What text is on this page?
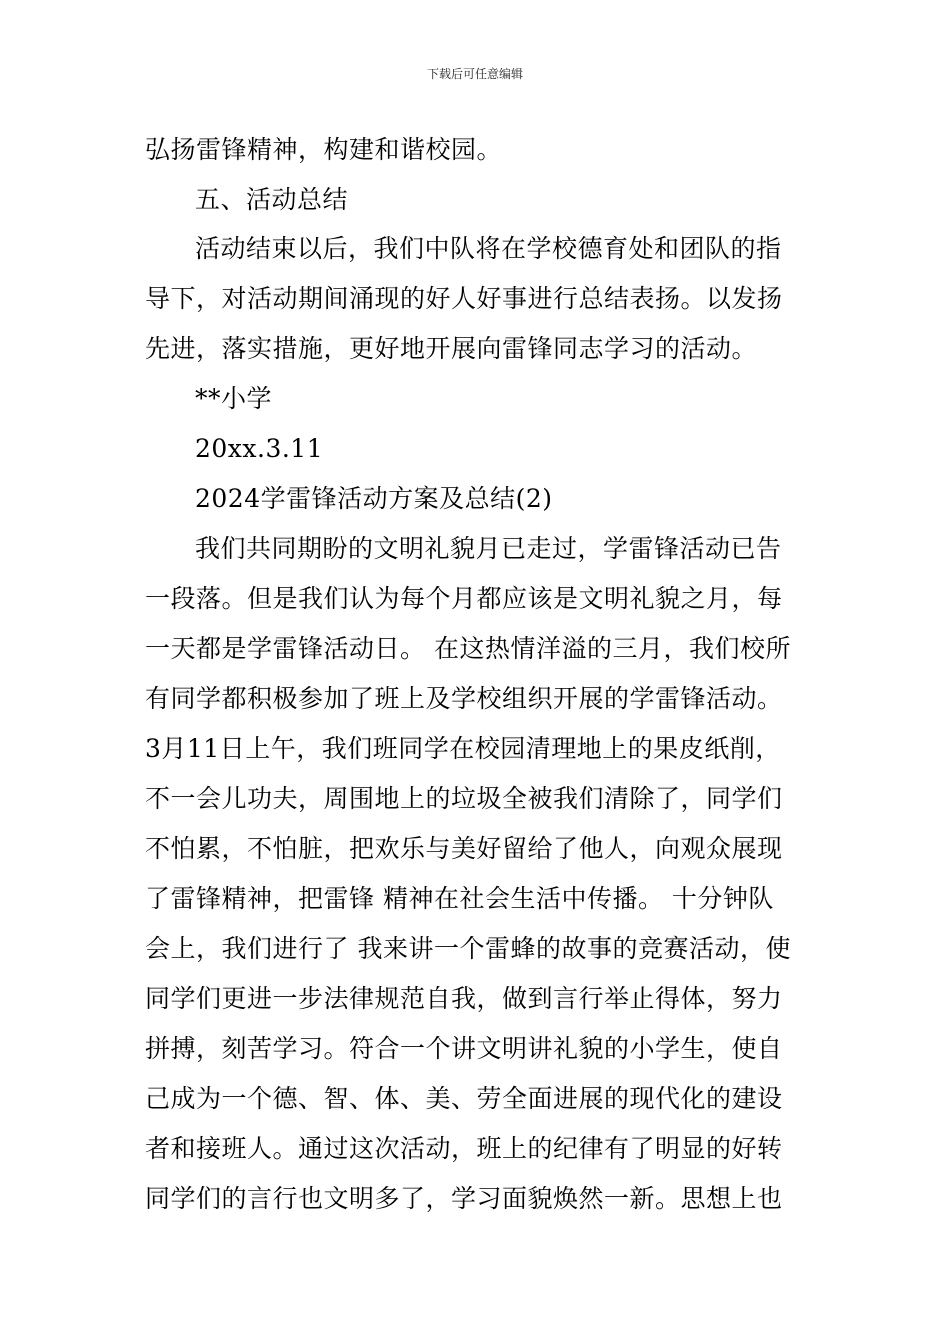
下载后可任意编辑
弘扬雷锋精神，构建和谐校园。
五、活动总结
活动结束以后，我们中队将在学校德育处和团队的指
导下，对活动期间涌现的好人好事进行总结表扬。以发扬
先进，落实措施，更好地开展向雷锋同志学习的活动。
**小学
20xx.3.11
2024学雷锋活动方案及总结(2)
我们共同期盼的文明礼貌月已走过，学雷锋活动已告
一段落。但是我们认为每个月都应该是文明礼貌之月，每
一天都是学雷锋活动日。 在这热情洋溢的三月，我们校所
有同学都积极参加了班上及学校组织开展的学雷锋活动。
3月11日上午，我们班同学在校园清理地上的果皮纸削，
不一会儿功夫，周围地上的垃圾全被我们清除了，同学们
不怕累，不怕脏，把欢乐与美好留给了他人，向观众展现
了雷锋精神，把雷锋 精神在社会生活中传播。 十分钟队
会上，我们进行了 我来讲一个雷蜂的故事的竞赛活动，使
同学们更进一步法律规范自我，做到言行举止得体，努力
拼搏，刻苦学习。符合一个讲文明讲礼貌的小学生，使自
己成为一个德、智、体、美、劳全面进展的现代化的建设
者和接班人。通过这次活动，班上的纪律有了明显的好转
同学们的言行也文明多了，学习面貌焕然一新。思想上也
